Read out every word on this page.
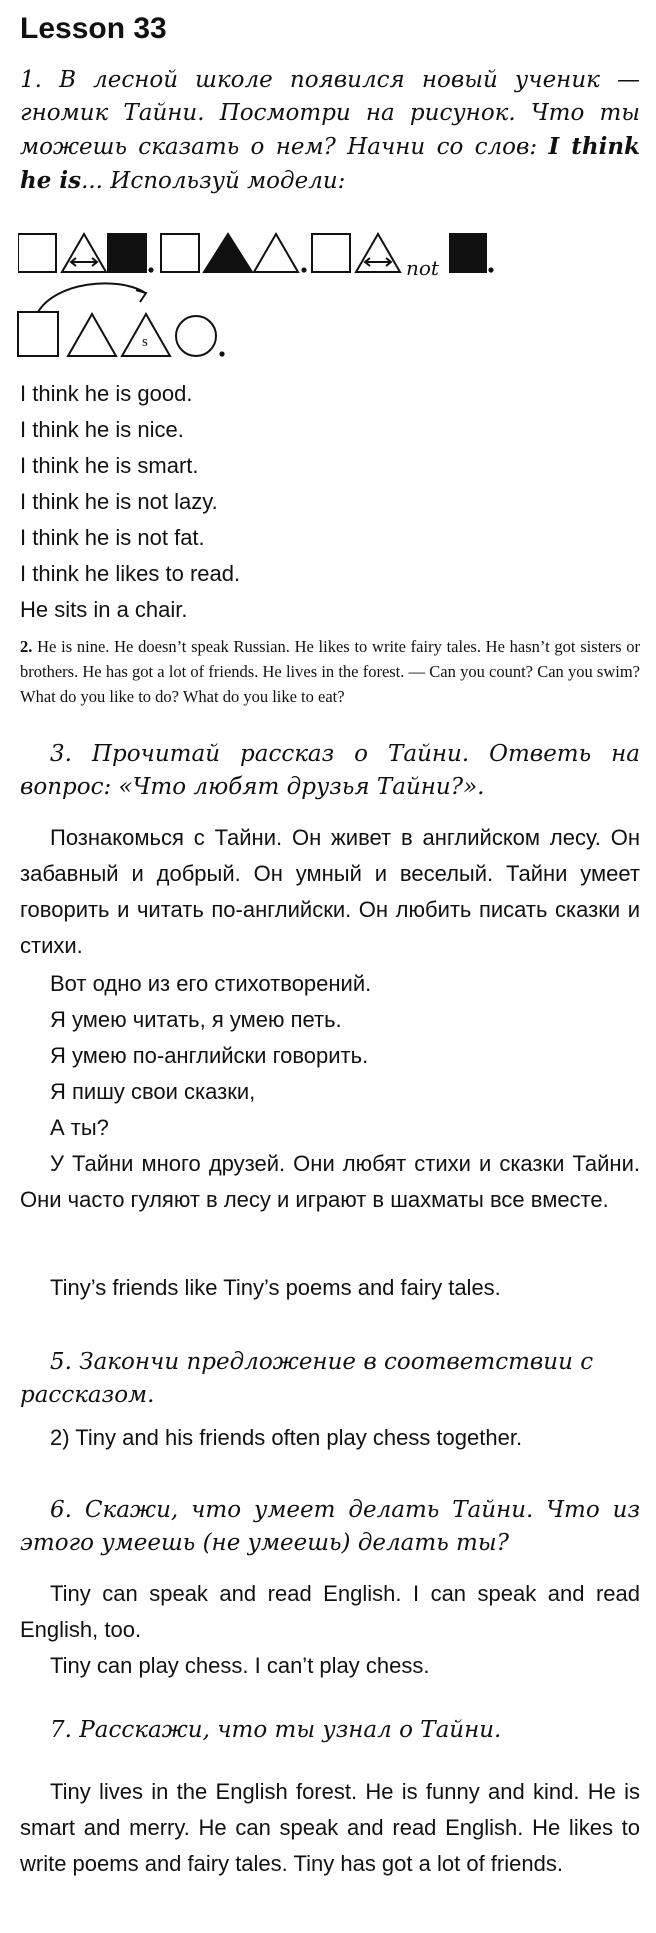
Lesson 33
1. В лесной школе появился новый ученик — гномик Тайни. Посмотри на рисунок. Что ты можешь сказать о нем? Начни со слов: I think he is... Используй модели:
not
s
I think he is good.
I think he is nice.
I think he is smart.
I think he is not lazy.
I think he is not fat.
I think he likes to read.
He sits in a chair.
2. He is nine. He doesn’t speak Russian. He likes to write fairy tales. He hasn’t got sisters or brothers. He has got a lot of friends. He lives in the forest. — Can you count? Can you swim? What do you like to do? What do you like to eat?
3. Прочитай рассказ о Тайни. Ответь на вопрос: «Что любят друзья Тайни?».
Познакомься с Тайни. Он живет в английском лесу. Он забавный и добрый. Он умный и веселый. Тайни умеет говорить и читать по-английски. Он любить писать сказки и стихи.
Вот одно из его стихотворений.
Я умею читать, я умею петь.
Я умею по-английски говорить.
Я пишу свои сказки,
А ты?
У Тайни много друзей. Они любят стихи и сказки Тайни. Они часто гуляют в лесу и играют в шахматы все вместе.
Tiny’s friends like Tiny’s poems and fairy tales.
5. Закончи предложение в соответствии с рассказом.
2) Tiny and his friends often play chess together.
6. Скажи, что умеет делать Тайни. Что из этого умеешь (не умеешь) делать ты?
Tiny can speak and read English. I can speak and read English, too.
Tiny can play chess. I can’t play chess.
7. Расскажи, что ты узнал о Тайни.
Tiny lives in the English forest. He is funny and kind. He is smart and merry. He can speak and read English. He likes to write poems and fairy tales. Tiny has got a lot of friends.
